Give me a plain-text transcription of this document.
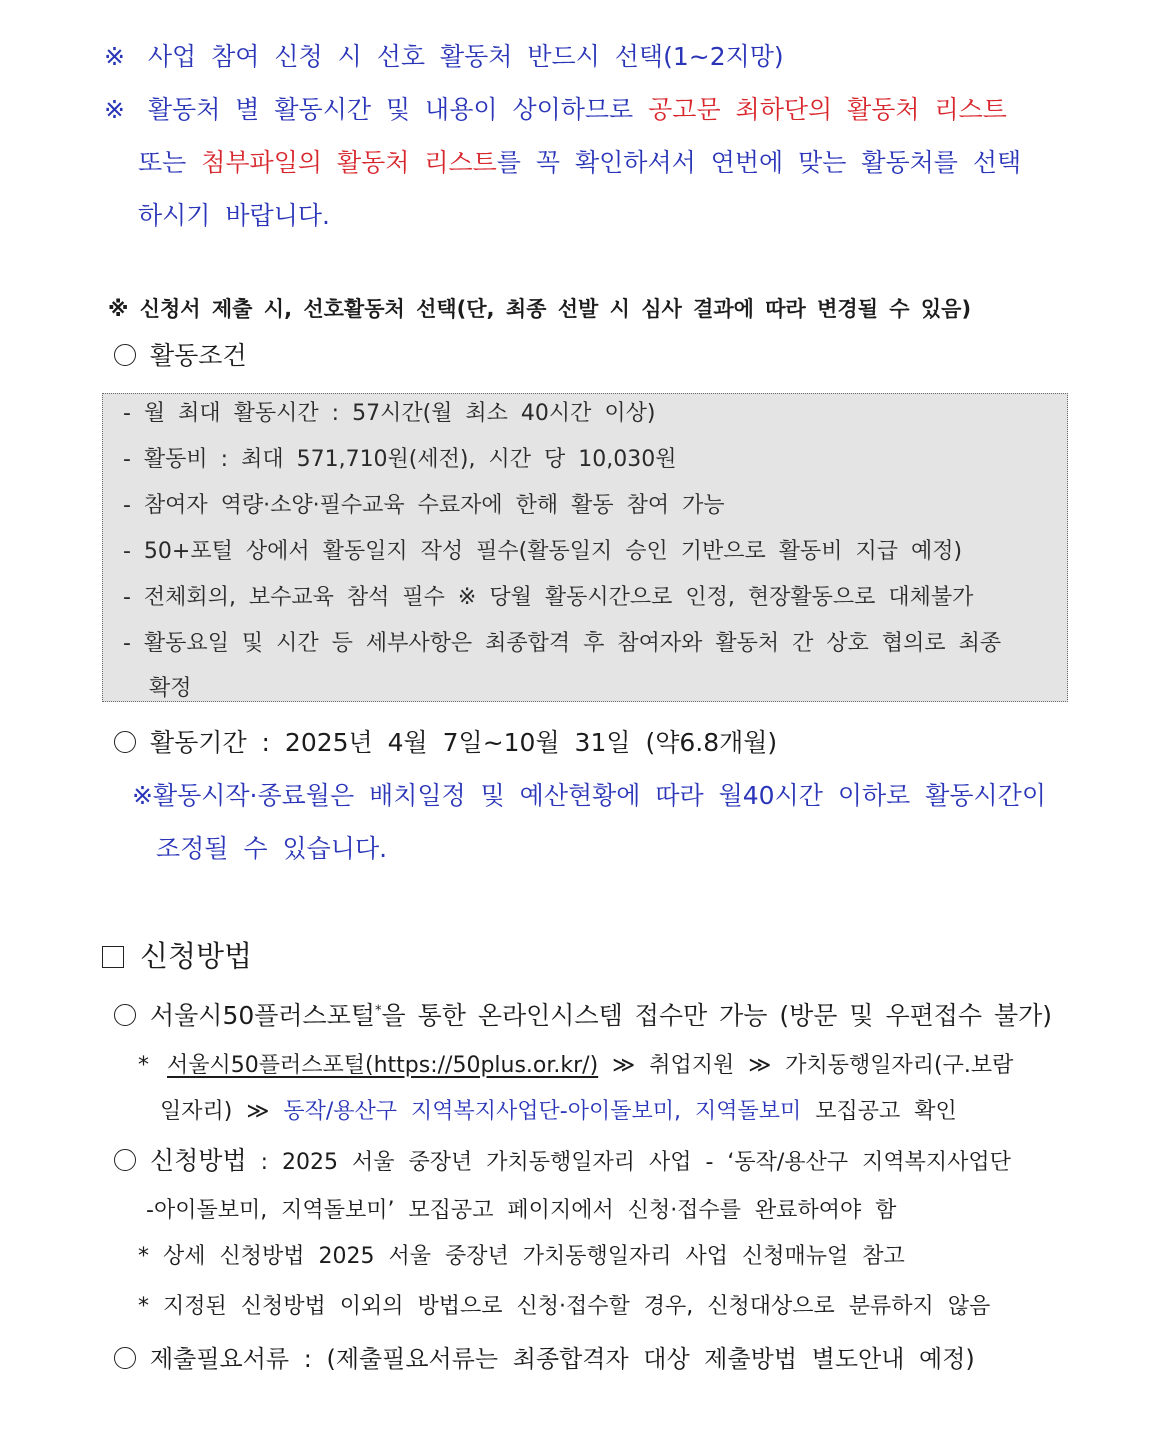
※ 사업 참여 신청 시 선호 활동처 반드시 선택(1~2지망)
※ 활동처 별 활동시간 및 내용이 상이하므로 공고문 최하단의 활동처 리스트
또는 첨부파일의 활동처 리스트를 꼭 확인하셔서 연번에 맞는 활동처를 선택
하시기 바랍니다.
※ 신청서 제출 시, 선호활동처 선택(단, 최종 선발 시 심사 결과에 따라 변경될 수 있음)
활동조건
- 월 최대 활동시간 : 57시간(월 최소 40시간 이상)
- 활동비 : 최대 571,710원(세전), 시간 당 10,030원
- 참여자 역량·소양·필수교육 수료자에 한해 활동 참여 가능
- 50+포털 상에서 활동일지 작성 필수(활동일지 승인 기반으로 활동비 지급 예정)
- 전체회의, 보수교육 참석 필수 ※ 당월 활동시간으로 인정, 현장활동으로 대체불가
- 활동요일 및 시간 등 세부사항은 최종합격 후 참여자와 활동처 간 상호 협의로 최종
확정
활동기간 : 2025년 4월 7일~10월 31일 (약6.8개월)
※활동시작·종료월은 배치일정 및 예산현황에 따라 월40시간 이하로 활동시간이
조정될 수 있습니다.
신청방법
서울시50플러스포털*을 통한 온라인시스템 접수만 가능 (방문 및 우편접수 불가)
* 서울시50플러스포털(https://50plus.or.kr/) ≫ 취업지원 ≫ 가치동행일자리(구.보람
일자리) ≫ 동작/용산구 지역복지사업단-아이돌보미, 지역돌보미 모집공고 확인
신청방법 : 2025 서울 중장년 가치동행일자리 사업 - ‘동작/용산구 지역복지사업단
-아이돌보미, 지역돌보미’ 모집공고 페이지에서 신청·접수를 완료하여야 함
* 상세 신청방법 2025 서울 중장년 가치동행일자리 사업 신청매뉴얼 참고
* 지정된 신청방법 이외의 방법으로 신청·접수할 경우, 신청대상으로 분류하지 않음
제출필요서류 : (제출필요서류는 최종합격자 대상 제출방법 별도안내 예정)
